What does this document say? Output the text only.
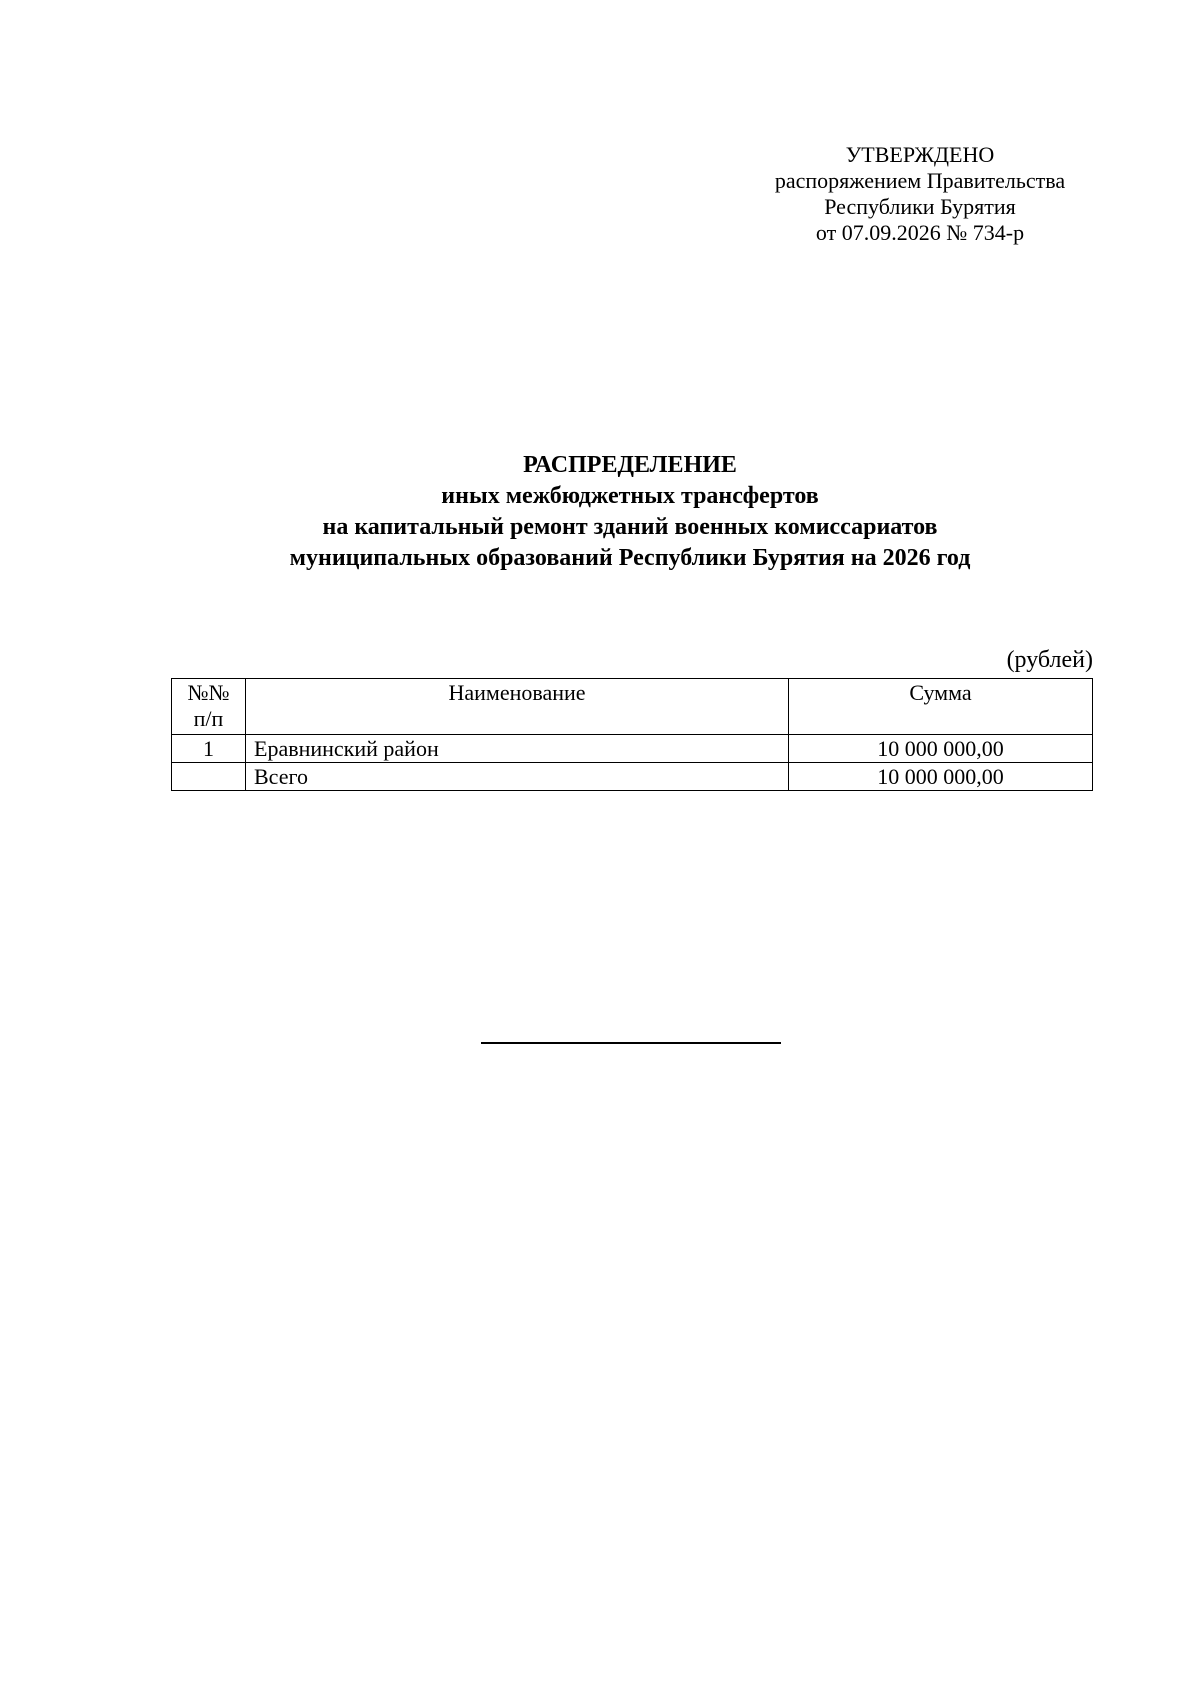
УТВЕРЖДЕНО
распоряжением Правительства
Республики Бурятия
от 07.09.2026 № 734-р
РАСПРЕДЕЛЕНИЕ
иных межбюджетных трансфертов
на капитальный ремонт зданий военных комиссариатов
муниципальных образований Республики Бурятия на 2026 год
(рублей)
№№
п/п	Наименование	Сумма
1	Еравнинский район	10 000 000,00
	Всего	10 000 000,00
